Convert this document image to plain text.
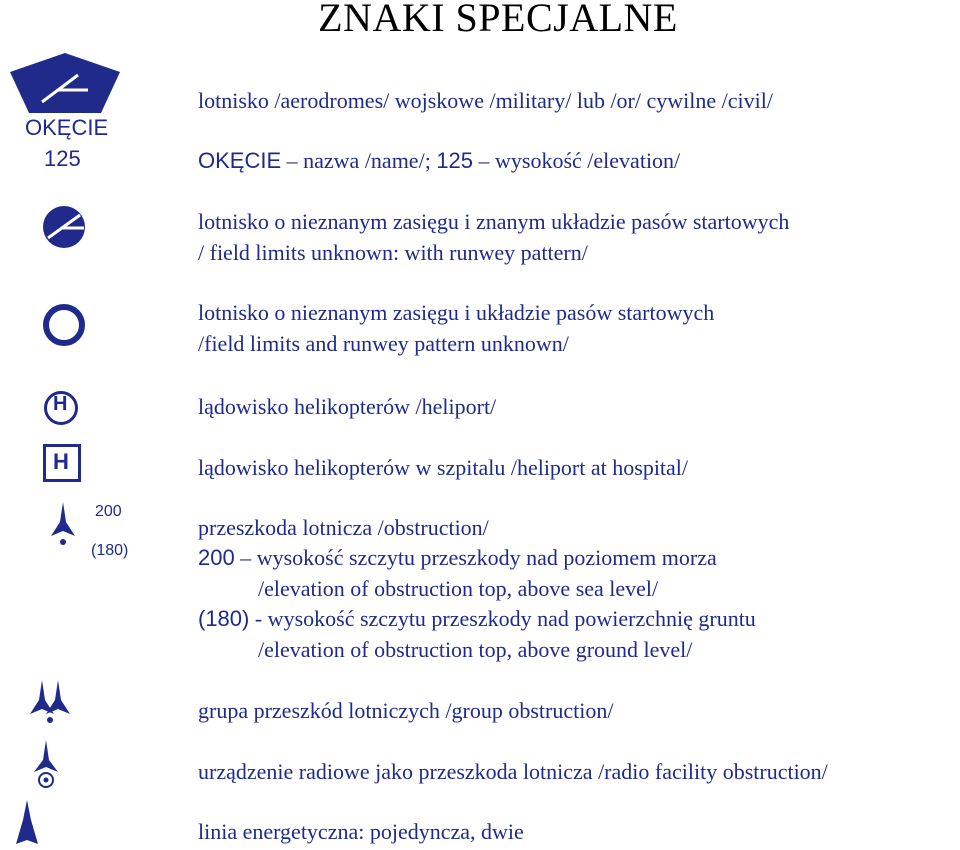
ZNAKI SPECJALNE
OKĘCIE
125
H
H
200
(180)
lotnisko /aerodromes/ wojskowe /military/ lub /or/ cywilne /civil/
OKĘCIE – nazwa /name/; 125 – wysokość /elevation/
lotnisko o nieznanym zasięgu i znanym układzie pasów startowych
/ field limits unknown: with runwey pattern/
lotnisko o nieznanym zasięgu i układzie pasów startowych
/field limits and runwey pattern unknown/
lądowisko helikopterów /heliport/
lądowisko helikopterów w szpitalu /heliport at hospital/
przeszkoda lotnicza /obstruction/
200 – wysokość szczytu przeszkody nad poziomem morza
/elevation of obstruction top, above sea level/
(180) - wysokość szczytu przeszkody nad powierzchnię gruntu
/elevation of obstruction top, above ground level/
grupa przeszkód lotniczych /group obstruction/
urządzenie radiowe jako przeszkoda lotnicza /radio facility obstruction/
linia energetyczna: pojedyncza, dwie
